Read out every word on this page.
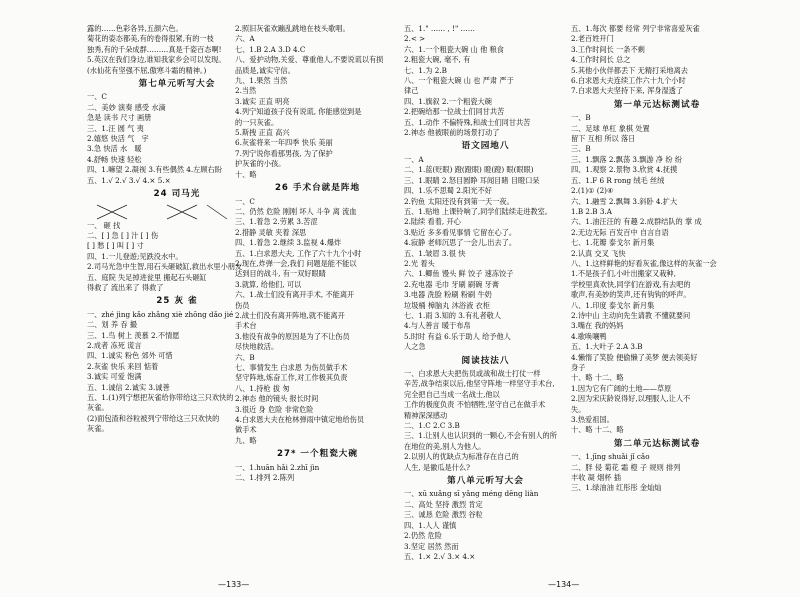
露的……色彩各异,五颜六色。
菊花的姿态都美,有的卷得很紧,有的一枝
独秀,有的千朵成群………真是千姿百态啊!
5.英汉在我们身边,谁知我家乡会可以发现。
(水仙花有坚强不屈,傲寒斗霜的精神。)
第七单元听写大会
一、C
二、美妙 演奏 感受 水滴
急是 读书 尺寸 画册
三、1.汪 圆 气 夷
2.嬉悠 快活 气　宇
3.急 快活 水　暖
4.舒畅 快速 轻松
四、1.嘛望 2.凝视 3.有些偶然 4.左顾右盼
五、1.√ 2.√ 3.√ 4.× 5.×
24 司马光
一、 砸 找
二、[ ] 急 [ ] 汁 [ ] 伤
[ ] 愁 [ ] 叫 [ ] 寸
四、1.一儿登遊;见跌没水中。
2.司马光急中生智,用石头砸破缸,救出水里小朋友
五、庭院 失足掉进瓮里 搬起石头砸缸
得救了 流出来了 得救了
25 灰 雀
一、zhé jìng kǎo zhǎng xiè zhōng dǎo jié
二、划 养 吞 撮
三、1.鸟 树上 羡慕 2.不情愿
2.成者 冻死 谎言
四、1.诚实 粉色 郊外 可惜
2.灰雀 快乐 来回 惦着
3.诚实 可爱 饱满
五、1.诚信 2.诚实 3.诚善
五、1.(1)列宁想把灰雀给你带给这三只欢快的
灰雀。
(2)面包渣和谷粒被列宁带给这三只欢快的
灰雀。
2.照旧灰雀欢蹦乱跳地在枝头歌唱。
六、A
七、1.B 2.A 3.D 4.C
八、爱护动物,关爱、尊重他人,不要说谎以有损
品质是,诚实守信。
九、1.果然 当然
2.当然
3.诚实 正直 明亮
4.列宁知道孩子没有说谎, 你能感觉到是
的一只灰雀。
5.斯拽 正直 高兴
6.灰雀将来一年四季 快乐 美丽
7.列宁说你看那男孩, 为了保护
护灰雀的小孩。
十、略
26 手术台就是阵地
一、C
二、仍然 危险 刚刚 坏人 斗争 离 流血
三、1.着急 2.劳累 3.苦涩
2.措静 灵敏 夹着 深思
四、1.着急 2.继续 3.监视 4.爆炸
五、1.白求恩大夫, 工作了六十九个小时
2.现在,炸弹一会,我们 问题是能不能以
达到目的战斗, 有一双好眼睛
3.就算, 给他们, 可以
六、1.战士们没有离开手术, 不能离开
伤员
2.战士们没有离开阵地,就不能离开
手术台
3.他没有战争的原因是为了不让伤员
尽快地救活。
六、B
七、事情发生 白求恩 为伤员做手术
坚守阵地,炼奋工作,对工作极其负责
八、1.持枪 拔 匆
2.神态 他的镜头 报长时间
3.很近 身 危险 非常危险
4.白求恩大夫在枪林弹雨中镇定地给伤员
做手术
九、略
27* 一个粗瓷大碗
一、1.huān hǎi 2.zhī jìn
二、1.排列 2.陈列
五、1." …… , !" ……
2.< >
六、1.一个粗瓷大碗 山 他 粮食
2.粗瓷大碗, 毫不, 有
七、1.为 2.B
八、一个粗瓷大碗 山 也 严肃 严于
律己
四、1.旗叙 2.一个粗瓷大碗
2.把碗给那一位战士们同甘共苦
五、1.动作 不偏特殊,和战士们同甘共苦
2.神态 他被眼前的场景打动了
语文园地八
一、A
二、1.蓝(贬眼) 蹬(蹬眼) 瞪(蹬) 眼(眼眼)
三、1.眼睛 2.怒目圆睁 耳闻目睹 目瞪口呆
四、1.乐不思蜀 2.阳光不好
2.钓鱼 太阳还没有到第一天一夜。
五、1.贴地 上课铃响了,同学们陆续走进教室。
2.陆续 看着, 开心
3.贴近 多多看见事情 它留在心了。
4.寂静 老师沉思了一会儿,出去了。
五、1.皱眉 3.很 快
2.光 着头
六、1.鲫鱼 馒头 鲜 饺子 速冻饺子
2.充电器 毛巾 牙刷 刷碗 牙膏
3.电器 洗脸 粉刷 粉刷 牛奶
垃圾桶 樟脑丸 沐浴液 衣柜
七、1.雨 3.知的 3.有礼者敬人
4.与人善言 暖于布帛
5.时时 有益 6.乐于助人 给予他人
人之急
阅读技法八
一、白求恩大夫把伤员或战和战士打仗一样
辛苦,战争结束以后,他坚守阵地一样坚守手术台,
完全把自己当成一名战士,他以
工作的极度负责 不怕牺牲,坚守自己在做手术
精神深深感动
二、1.C 2.C 3.B
三、1.让别人也认识到的一颗心,不会有别人的所
在地位的美,别人为他人。
2.以别人的优缺点为标准存在自己的
人生, 是徽瓜是什么?
第八单元听写大会
一、xū xuǎng sī yǎng méng dēng liàn
二、高处 坚持 激烈 肯定
三、诚恳 危险 激烈 谷粒
四、1.人人 谨慎
2.仍然 危险
3.坚定 居然 然而
五、1.× 2.√ 3.× 4.×
五、1.每次 都要 经常 列宁非常喜爱灰雀
2.老百姓开门
3.工作时间长 一条不剩
4.工作时间长 总之
5.其他小伙伴都丢下 无精打采地离去
6.白求恩大夫连续工作六十九个小时
7.白求恩大夫坚持下来, 浑身湿透了
第一单元达标测试卷
一、B
二、足球 单杠 象棋 处置
留下 互相 所以 落日
三、B
三、1.飘落 2.飘荡 3.飘游 净 纷 纷
四、1.观察 2.景物 3.欣赏 4.抚摸
五、1.F 6 R rong 绒毛 丝绒
2.(1)① (2)④
六、1.融雪 2.飘舞 3.斜卧 4.扩大
1.B 2.B 3.A
六、1.油汪汪的 有趣 2.成群结队的 掌 成
2.无边无际 百发百中 自言自语
七、1.花瓣 泰戈尔 新月集
2.认真 交叉 飞快
八、1.这样鲜艳的好看灰雀,像这样的灰雀一会
1.不是孩子们,小叶出搬家又栽种,
学校里真欢快,同学们在游戏,有去吧的
歌声,有美妙的笑声,还有钩钩的呼声。
八、1.印度 泰戈尔 新月集
2.诗中山 主动向先生请教 不懂就要问
3.嘴在 我的妈妈
4.歌唤嚷鸭
五、1.大叶子 2.A 3.B
4.懒惰了笑脸 便偷懒了美梦 便去领美好
身子
十、略 十二、略
1.因为它有广阔的土地——草原
2.因为宋庆龄说得好,以理服人,让人不
失。
3.热爱祖国。
十、略 十二、略
第二单元达标测试卷
一、1.jīng shuǎi jǐ cǎo
二、胖 侵 菊花 霜 橙 子 规则 排列
丰收 凝 烟杯 插
三、1.绿油油 红彤彤 金灿灿
—133—	—134—
